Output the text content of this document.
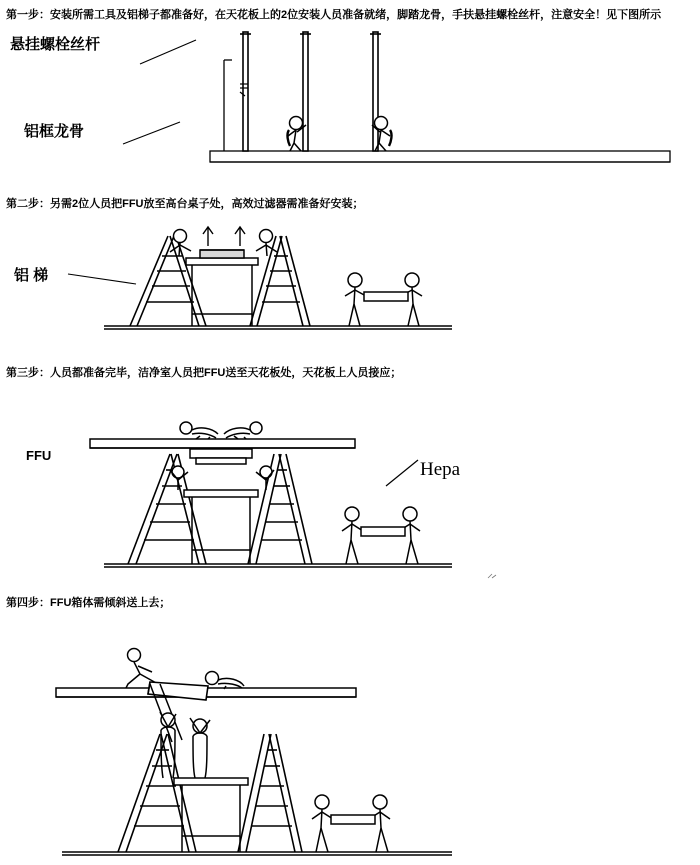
第一步：安装所需工具及铝梯子都准备好，在天花板上的2位安装人员准备就绪，脚踏龙骨，手扶悬挂螺栓丝杆，注意安全！见下图所示
悬挂螺栓丝杆
铝框龙骨
第二步：另需2位人员把FFU放至高台桌子处，高效过滤器需准备好安装；
铝 梯
第三步：人员都准备完毕，洁净室人员把FFU送至天花板处，天花板上人员接应；
FFU
Hepa
第四步：FFU箱体需倾斜送上去；
